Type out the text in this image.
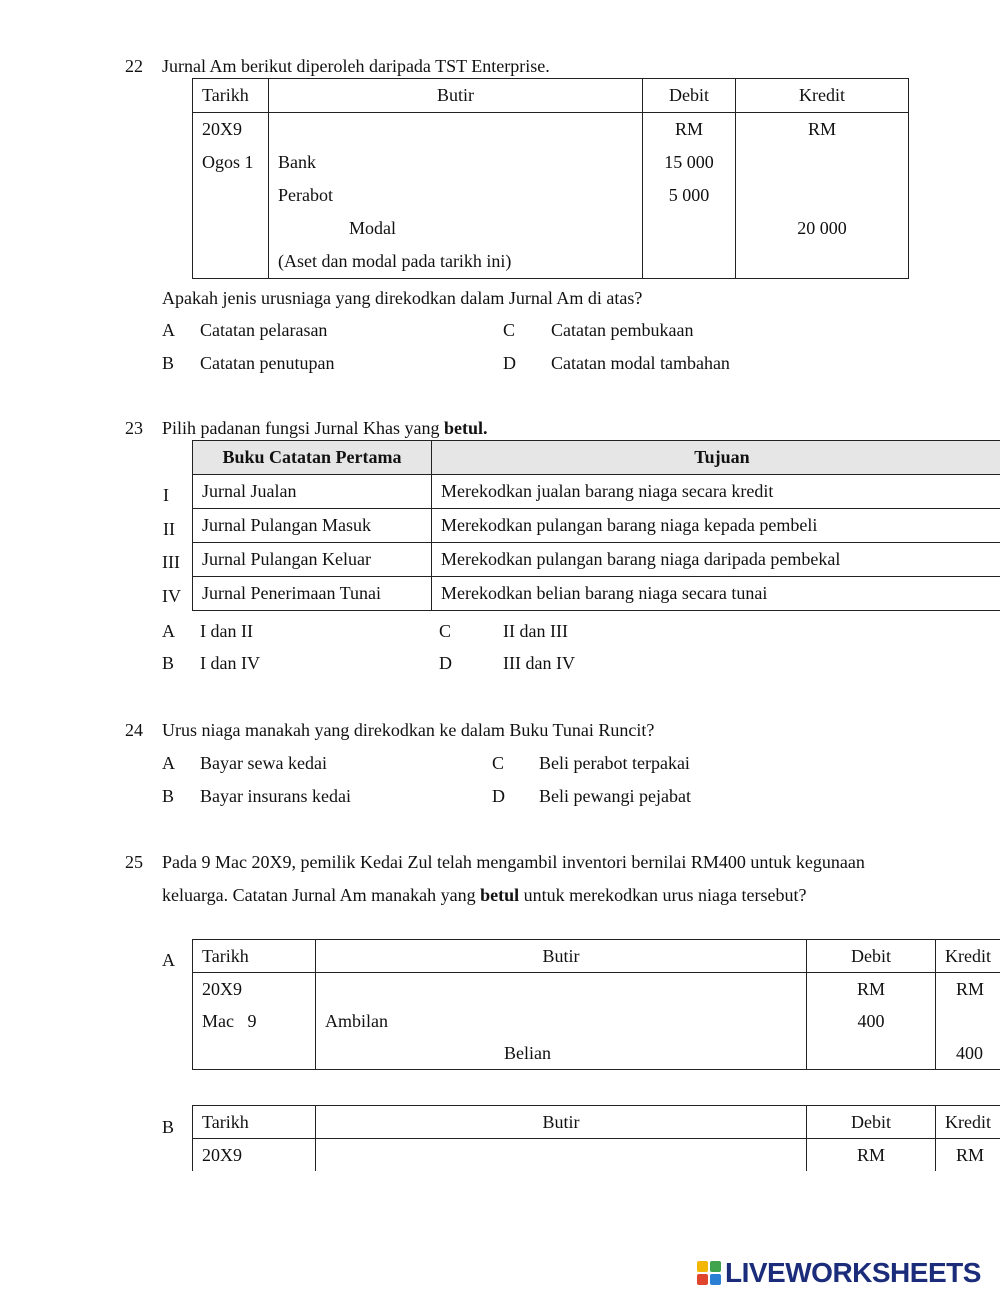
22 Jurnal Am berikut diperoleh daripada TST Enterprise.
Tarikh	Butir	Debit	Kredit
20X9		RM	RM
Ogos 1	Bank	15 000	
	Perabot	5 000	
	Modal		20 000
	(Aset dan modal pada tarikh ini)		
Apakah jenis urusniaga yang direkodkan dalam Jurnal Am di atas?
A Catatan pelarasan
B Catatan penutupan
C Catatan pembukaan
D Catatan modal tambahan
23 Pilih padanan fungsi Jurnal Khas yang betul.
Buku Catatan Pertama	Tujuan
Jurnal Jualan	Merekodkan jualan barang niaga secara kredit
Jurnal Pulangan Masuk	Merekodkan pulangan barang niaga kepada pembeli
Jurnal Pulangan Keluar	Merekodkan pulangan barang niaga daripada pembekal
Jurnal Penerimaan Tunai	Merekodkan belian barang niaga secara tunai
I
II
III
IV
A I dan II
B I dan IV
C	II dan III
D	III dan IV
24 Urus niaga manakah yang direkodkan ke dalam Buku Tunai Runcit?
A Bayar sewa kedai
B Bayar insurans kedai
C Beli perabot terpakai
D Beli pewangi pejabat
25 Pada 9 Mac 20X9, pemilik Kedai Zul telah mengambil inventori bernilai RM400 untuk kegunaan
keluarga. Catatan Jurnal Am manakah yang betul untuk merekodkan urus niaga tersebut?
A Tarikh	Butir	Debit	Kredit
20X9		RM	RM
Mac   9	Ambilan	400	
	Belian		400
B Tarikh	Butir	Debit	Kredit
20X9		RM	RM
LIVEWORKSHEETS
